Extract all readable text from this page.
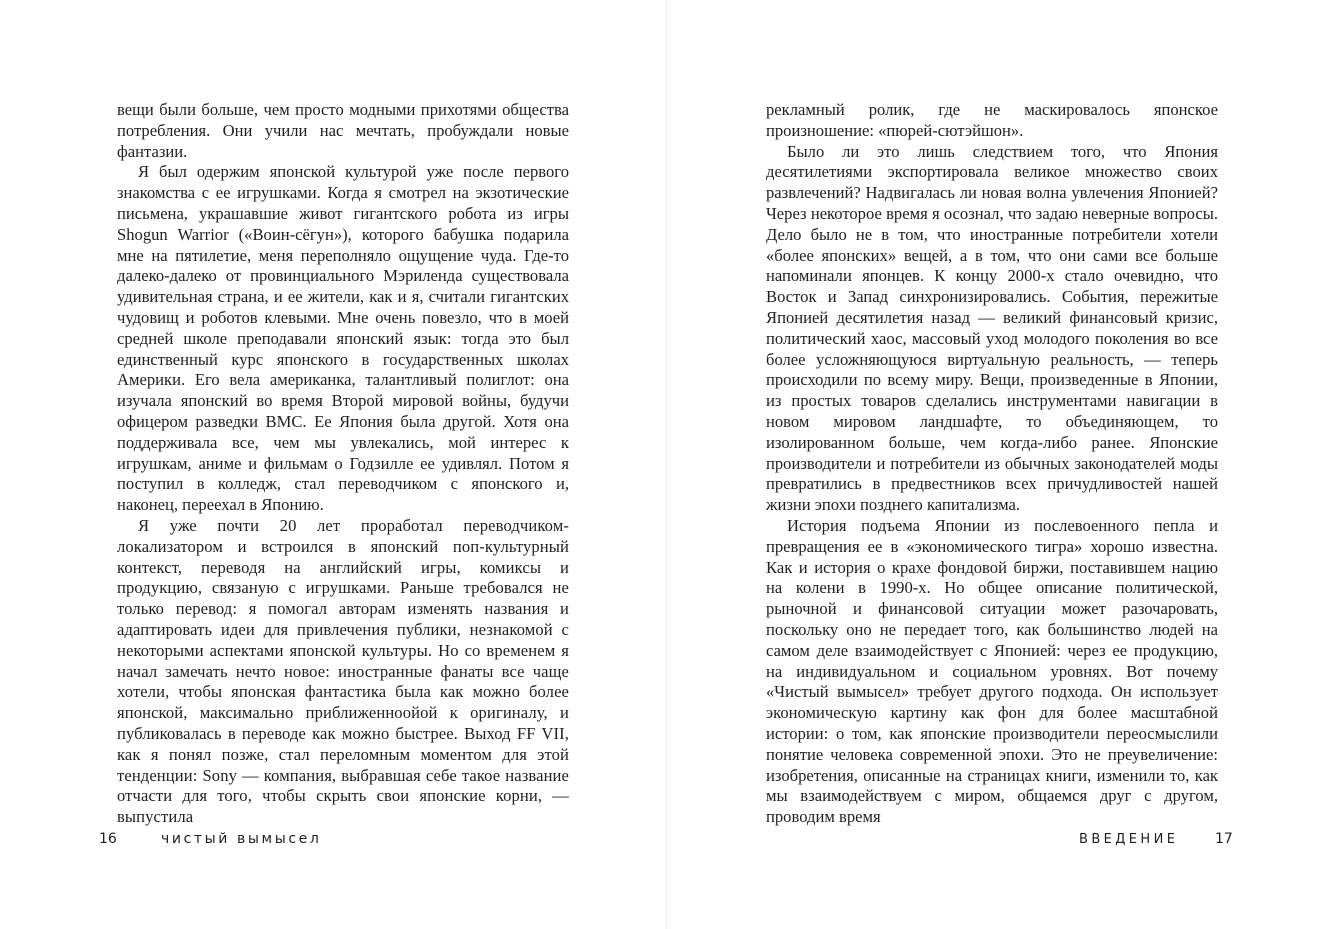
вещи были больше, чем просто модными прихотями общества потребления. Они учили нас мечтать, пробуждали новые фантазии.

Я был одержим японской культурой уже после первого знакомства с ее игрушками. Когда я смотрел на экзотические письмена, украшавшие живот гигантского робота из игры Shogun Warrior («Воин-сёгун»), которого бабушка подарила мне на пятилетие, меня переполняло ощущение чуда. Где-то далеко-далеко от провинциального Мэриленда существовала удивительная страна, и ее жители, как и я, считали гигантских чудовищ и роботов клевыми. Мне очень повезло, что в моей средней школе преподавали японский язык: тогда это был единственный курс японского в государственных школах Америки. Его вела американка, талантливый полиглот: она изучала японский во время Второй мировой войны, будучи офицером разведки ВМС. Ее Япония была другой. Хотя она поддерживала все, чем мы увлекались, мой интерес к игрушкам, аниме и фильмам о Годзилле ее удивлял. Потом я поступил в колледж, стал переводчиком с японского и, наконец, переехал в Японию.

Я уже почти 20 лет проработал переводчиком-локализатором и встроился в японский поп-культурный контекст, переводя на английский игры, комиксы и продукцию, связаную с игрушками. Раньше требовался не только перевод: я помогал авторам изменять названия и адаптировать идеи для привлечения публики, незнакомой с некоторыми аспектами японской культуры. Но со временем я начал замечать нечто новое: иностранные фанаты все чаще хотели, чтобы японская фантастика была как можно более японской, максимально приближенноойой к оригиналу, и публиковалась в переводе как можно быстрее. Выход FF VII, как я понял позже, стал переломным моментом для этой тенденции: Sony — компания, выбравшая себе такое название отчасти для того, чтобы скрыть свои японские корни, — выпустила

16	чистый вымысел

рекламный ролик, где не маскировалось японское произношение: «пюрей-сютэйшон».

Было ли это лишь следствием того, что Япония десятилетиями экспортировала великое множество своих развлечений? Надвигалась ли новая волна увлечения Японией? Через некоторое время я осознал, что задаю неверные вопросы. Дело было не в том, что иностранные потребители хотели «более японских» вещей, а в том, что они сами все больше напоминали японцев. К концу 2000-х стало очевидно, что Восток и Запад синхронизировались. События, пережитые Японией десятилетия назад — великий финансовый кризис, политический хаос, массовый уход молодого поколения во все более усложняющуюся виртуальную реальность, — теперь происходили по всему миру. Вещи, произведенные в Японии, из простых товаров сделались инструментами навигации в новом мировом ландшафте, то объединяющем, то изолированном больше, чем когда-либо ранее. Японские производители и потребители из обычных законодателей моды превратились в предвестников всех причудливостей нашей жизни эпохи позднего капитализма.

История подъема Японии из послевоенного пепла и превращения ее в «экономического тигра» хорошо известна. Как и история о крахе фондовой биржи, поставившем нацию на колени в 1990-х. Но общее описание политической, рыночной и финансовой ситуации может разочаровать, поскольку оно не передает того, как большинство людей на самом деле взаимодействует с Японией: через ее продукцию, на индивидуальном и социальном уровнях. Вот почему «Чистый вымысел» требует другого подхода. Он использует экономическую картину как фон для более масштабной истории: о том, как японские производители переосмыслили понятие человека современной эпохи. Это не преувеличение: изобретения, описанные на страницах книги, изменили то, как мы взаимодействуем с миром, общаемся друг с другом, проводим время

ВВЕДЕНИЕ	17
